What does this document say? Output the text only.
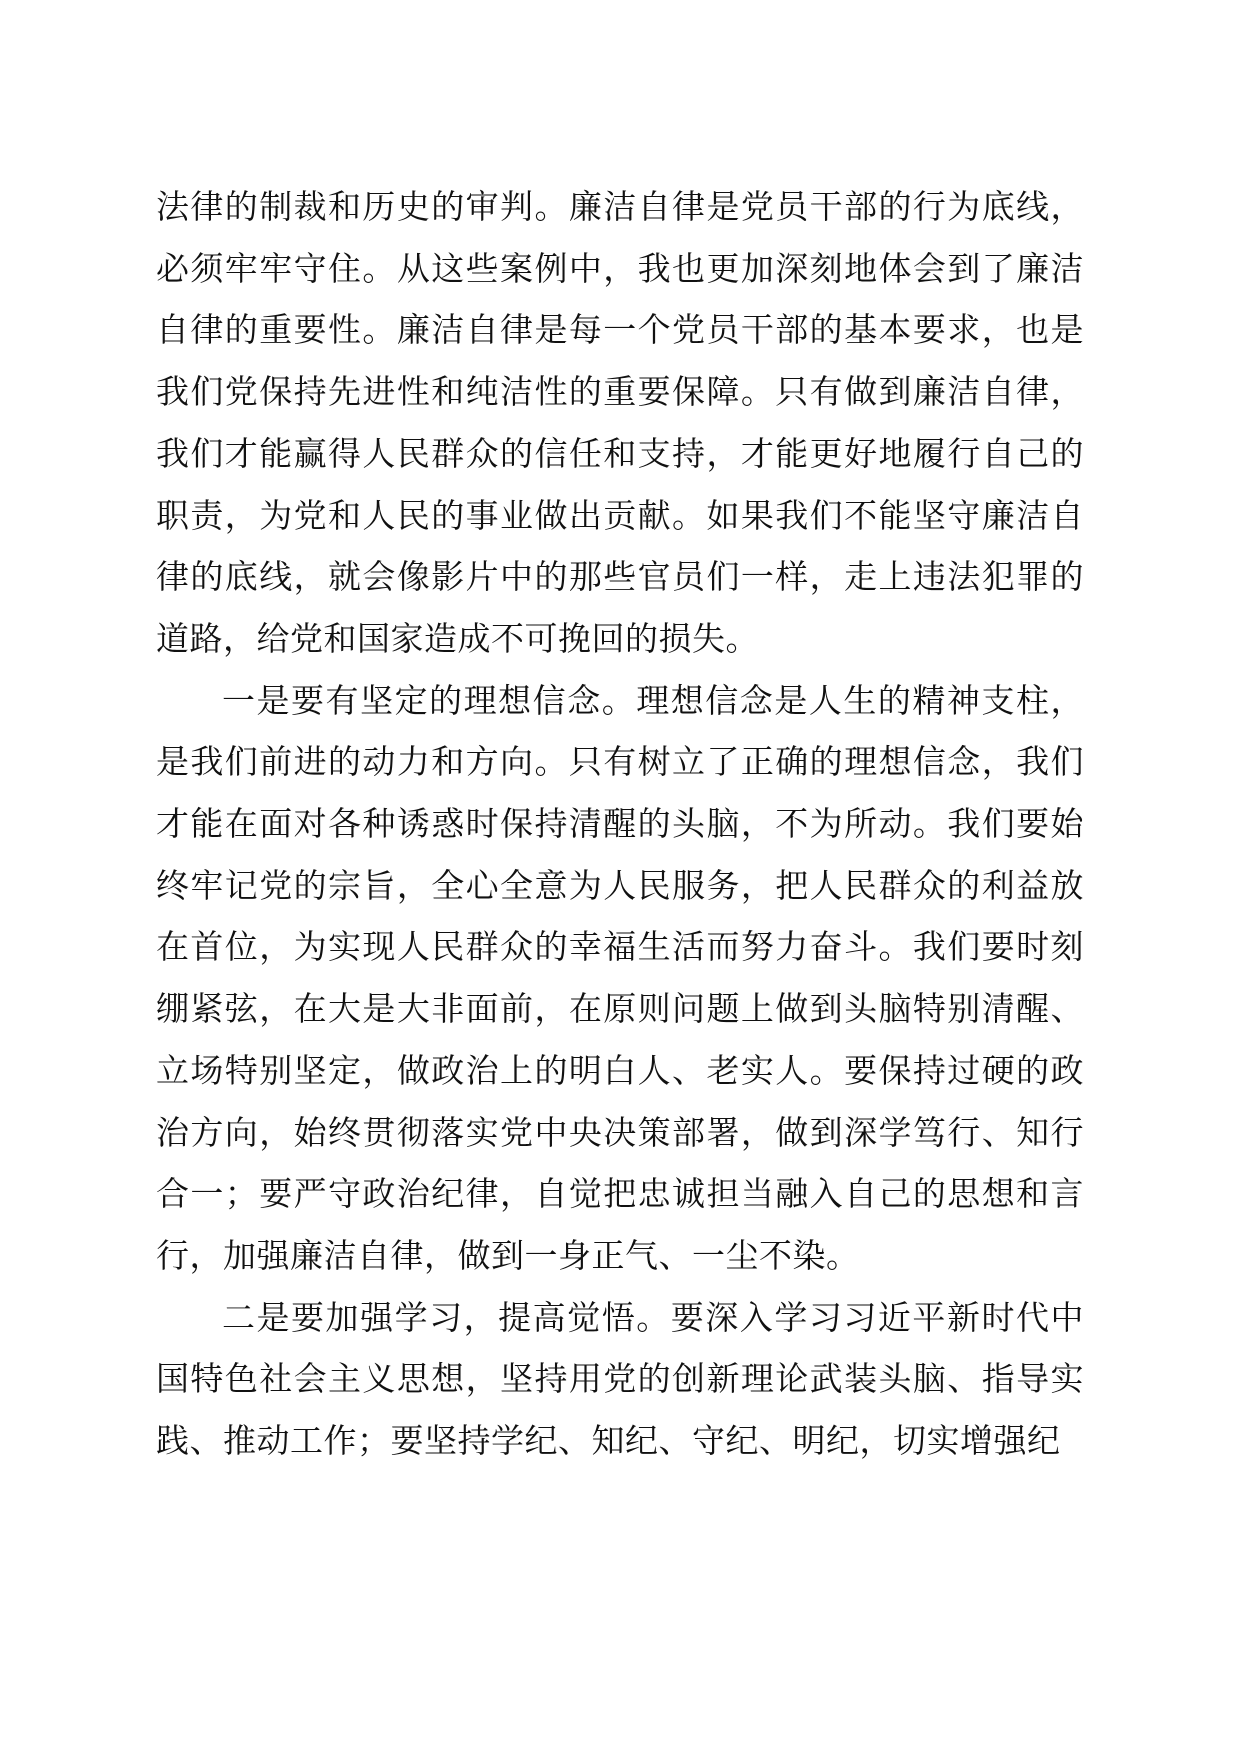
法律的制裁和历史的审判。廉洁自律是党员干部的行为底线，必须牢牢守住。从这些案例中，我也更加深刻地体会到了廉洁自律的重要性。廉洁自律是每一个党员干部的基本要求，也是我们党保持先进性和纯洁性的重要保障。只有做到廉洁自律，我们才能赢得人民群众的信任和支持，才能更好地履行自己的职责，为党和人民的事业做出贡献。如果我们不能坚守廉洁自律的底线，就会像影片中的那些官员们一样，走上违法犯罪的道路，给党和国家造成不可挽回的损失。

一是要有坚定的理想信念。理想信念是人生的精神支柱，是我们前进的动力和方向。只有树立了正确的理想信念，我们才能在面对各种诱惑时保持清醒的头脑，不为所动。我们要始终牢记党的宗旨，全心全意为人民服务，把人民群众的利益放在首位，为实现人民群众的幸福生活而努力奋斗。我们要时刻绷紧弦，在大是大非面前，在原则问题上做到头脑特别清醒、立场特别坚定，做政治上的明白人、老实人。要保持过硬的政治方向，始终贯彻落实党中央决策部署，做到深学笃行、知行合一；要严守政治纪律，自觉把忠诚担当融入自己的思想和言行，加强廉洁自律，做到一身正气、一尘不染。

二是要加强学习，提高觉悟。要深入学习习近平新时代中国特色社会主义思想，坚持用党的创新理论武装头脑、指导实践、推动工作；要坚持学纪、知纪、守纪、明纪，切实增强纪
